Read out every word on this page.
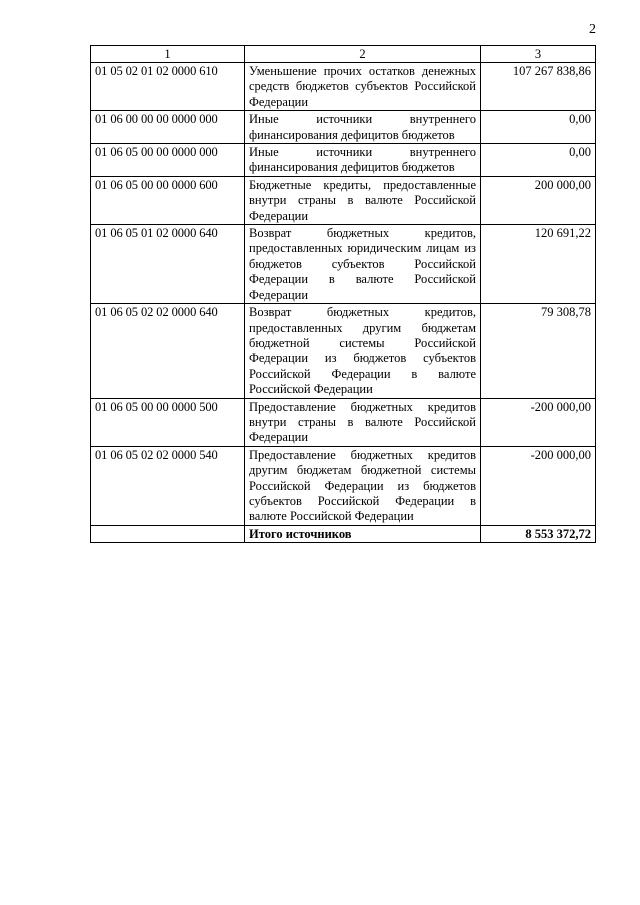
2
1	2	3
01 05 02 01 02 0000 610	Уменьшение прочих остатков денежных средств бюджетов субъектов Российской Федерации	107 267 838,86
01 06 00 00 00 0000 000	Иные источники внутреннего финансирования дефицитов бюджетов	0,00
01 06 05 00 00 0000 000	Иные источники внутреннего финансирования дефицитов бюджетов	0,00
01 06 05 00 00 0000 600	Бюджетные кредиты, предоставленные внутри страны в валюте Российской Федерации	200 000,00
01 06 05 01 02 0000 640	Возврат бюджетных кредитов, предоставленных юридическим лицам из бюджетов субъектов Российской Федерации в валюте Российской Федерации	120 691,22
01 06 05 02 02 0000 640	Возврат бюджетных кредитов, предоставленных другим бюджетам бюджетной системы Российской Федерации из бюджетов субъектов Российской Федерации в валюте Российской Федерации	79 308,78
01 06 05 00 00 0000 500	Предоставление бюджетных кредитов внутри страны в валюте Российской Федерации	-200 000,00
01 06 05 02 02 0000 540	Предоставление бюджетных кредитов другим бюджетам бюджетной системы Российской Федерации из бюджетов субъектов Российской Федерации в валюте Российской Федерации	-200 000,00
	Итого источников	8 553 372,72
